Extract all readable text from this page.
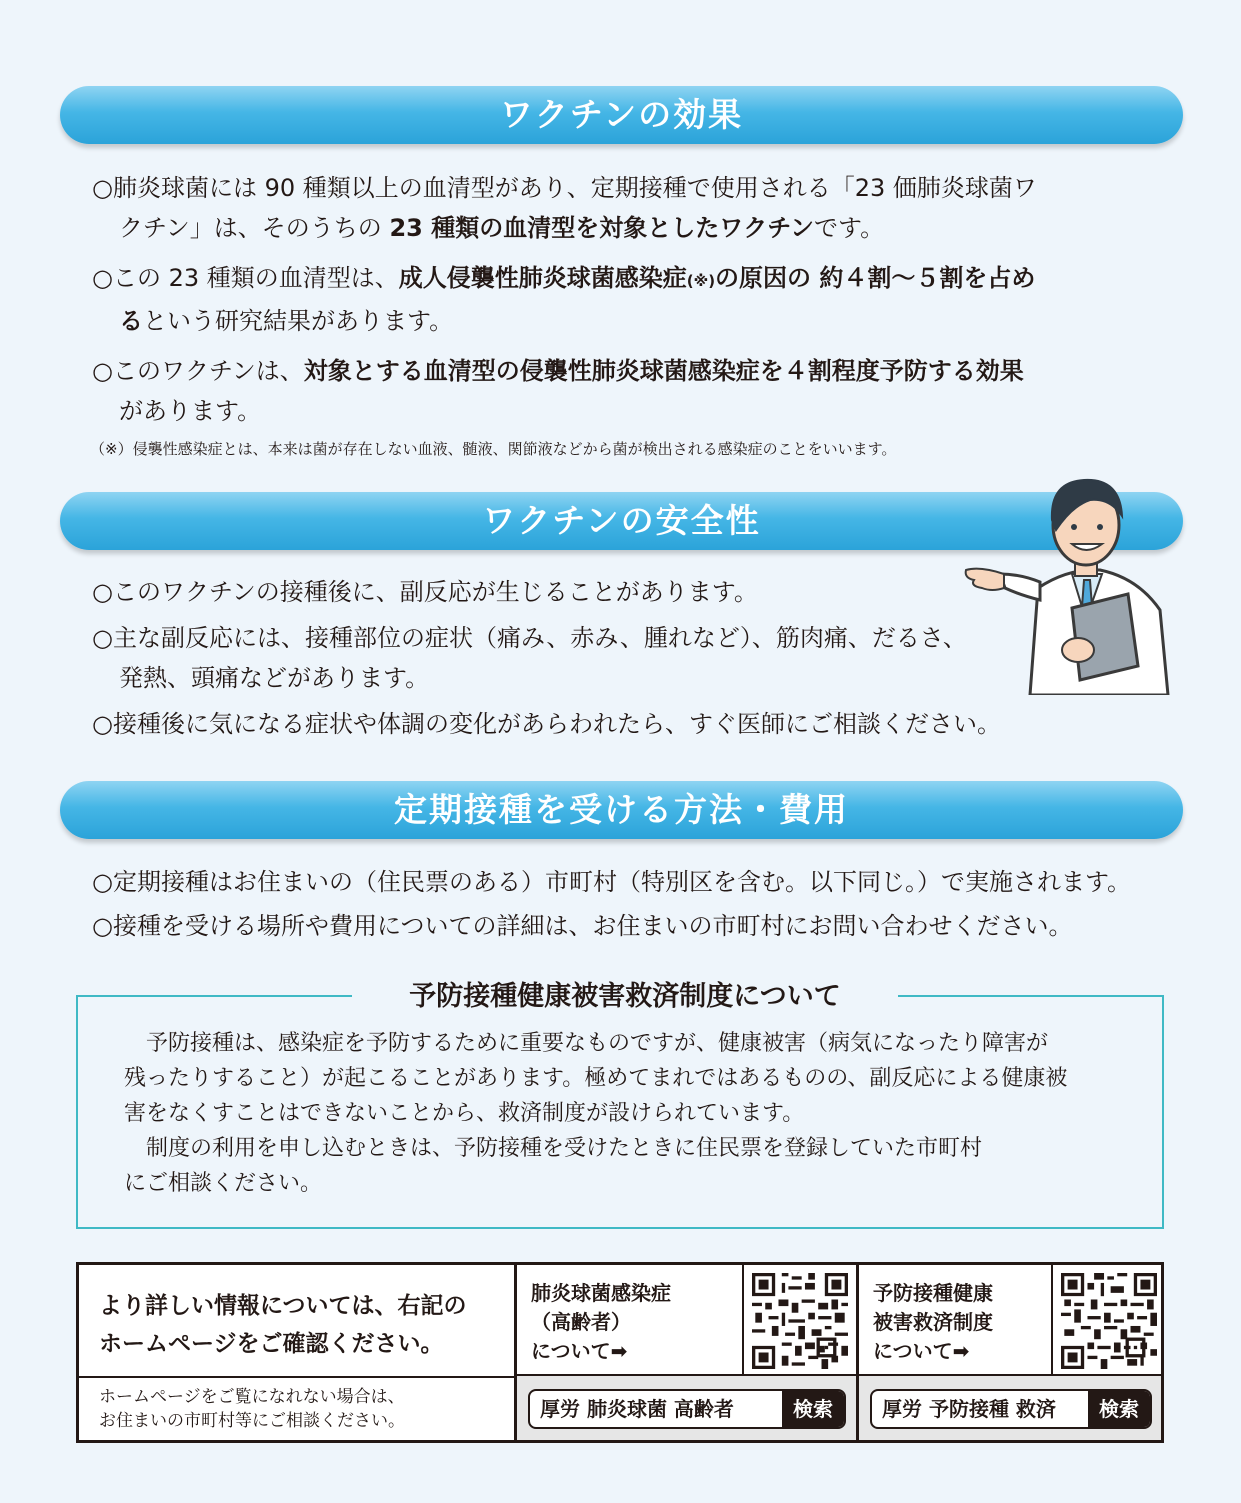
ワクチンの効果
○肺炎球菌には 90 種類以上の血清型があり、定期接種で使用される「23 価肺炎球菌ワ
クチン」は、そのうちの 23 種類の血清型を対象としたワクチンです。
○この 23 種類の血清型は、成人侵襲性肺炎球菌感染症(※)の原因の 約４割～５割を占め
るという研究結果があります。
○このワクチンは、対象とする血清型の侵襲性肺炎球菌感染症を４割程度予防する効果
があります。
（※）侵襲性感染症とは、本来は菌が存在しない血液、髄液、関節液などから菌が検出される感染症のことをいいます。
ワクチンの安全性
○このワクチンの接種後に、副反応が生じることがあります。
○主な副反応には、接種部位の症状（痛み、赤み、腫れなど）、筋肉痛、だるさ、
発熱、頭痛などがあります。
○接種後に気になる症状や体調の変化があらわれたら、すぐ医師にご相談ください。
定期接種を受ける方法・費用
○定期接種はお住まいの（住民票のある）市町村（特別区を含む。以下同じ。）で実施されます。
○接種を受ける場所や費用についての詳細は、お住まいの市町村にお問い合わせください。
予防接種健康被害救済制度について
　予防接種は、感染症を予防するために重要なものですが、健康被害（病気になったり障害が
残ったりすること）が起こることがあります。極めてまれではあるものの、副反応による健康被
害をなくすことはできないことから、救済制度が設けられています。
　制度の利用を申し込むときは、予防接種を受けたときに住民票を登録していた市町村
にご相談ください。
より詳しい情報については、右記の
ホームページをご確認ください。
ホームページをご覧になれない場合は、
お住まいの市町村等にご相談ください。
肺炎球菌感染症
（高齢者）
について➡
厚労 肺炎球菌 高齢者	検索
予防接種健康
被害救済制度
について➡
厚労 予防接種 救済	検索
